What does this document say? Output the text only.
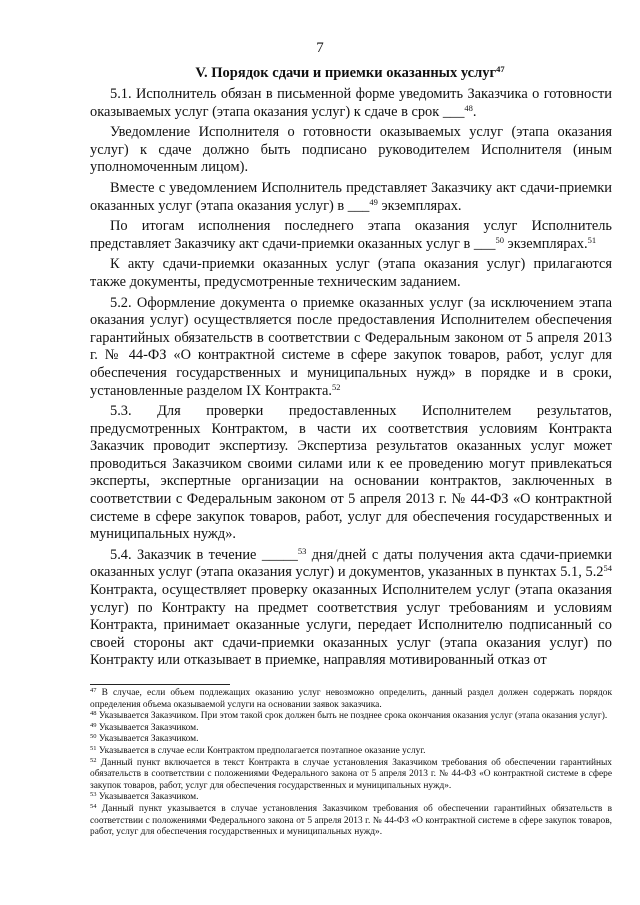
7
V. Порядок сдачи и приемки оказанных услуг$^{47}$

5.1. Исполнитель обязан в письменной форме уведомить Заказчика о готовности оказываемых услуг (этапа оказания услуг) к сдаче в срок ___$^{48}$.

Уведомление Исполнителя о готовности оказываемых услуг (этапа оказания услуг) к сдаче должно быть подписано руководителем Исполнителя (иным уполномоченным лицом).

Вместе с уведомлением Исполнитель представляет Заказчику акт сдачи-приемки оказанных услуг (этапа оказания услуг) в ___$^{49}$ экземплярах.

По итогам исполнения последнего этапа оказания услуг Исполнитель представляет Заказчику акт сдачи-приемки оказанных услуг в ___$^{50}$ экземплярах.$^{51}$

К акту сдачи-приемки оказанных услуг (этапа оказания услуг) прилагаются также документы, предусмотренные техническим заданием.

5.2. Оформление документа о приемке оказанных услуг (за исключением этапа оказания услуг) осуществляется после предоставления Исполнителем обеспечения гарантийных обязательств в соответствии с Федеральным законом от 5 апреля 2013 г. № 44-ФЗ «О контрактной системе в сфере закупок товаров, работ, услуг для обеспечения государственных и муниципальных нужд» в порядке и в сроки, установленные разделом IX Контракта.$^{52}$

5.3. Для проверки предоставленных Исполнителем результатов, предусмотренных Контрактом, в части их соответствия условиям Контракта Заказчик проводит экспертизу. Экспертиза результатов оказанных услуг может проводиться Заказчиком своими силами или к ее проведению могут привлекаться эксперты, экспертные организации на основании контрактов, заключенных в соответствии с Федеральным законом от 5 апреля 2013 г. № 44-ФЗ «О контрактной системе в сфере закупок товаров, работ, услуг для обеспечения государственных и муниципальных нужд».

5.4. Заказчик в течение _____$^{53}$ дня/дней с даты получения акта сдачи-приемки оказанных услуг (этапа оказания услуг) и документов, указанных в пунктах 5.1, $5.2^{54}$ Контракта, осуществляет проверку оказанных Исполнителем услуг (этапа оказания услуг) по Контракту на предмет соответствия услуг требованиям и условиям Контракта, принимает оказанные услуги, передает Исполнителю подписанный со своей стороны акт сдачи-приемки оказанных услуг (этапа оказания услуг) по Контракту или отказывает в приемке, направляя мотивированный отказ от

$^{47}$ В случае, если объем подлежащих оказанию услуг невозможно определить, данный раздел должен содержать порядок определения объема оказываемой услуги на основании заявок заказчика.

$^{48}$ Указывается Заказчиком. При этом такой срок должен быть не позднее срока окончания оказания услуг (этапа оказания услуг).

$^{49}$ Указывается Заказчиком.

$^{50}$ Указывается Заказчиком.

$^{51}$ Указывается в случае если Контрактом предполагается поэтапное оказание услуг.

$^{52}$ Данный пункт включается в текст Контракта в случае установления Заказчиком требования об обеспечении гарантийных обязательств в соответствии с положениями Федерального закона от 5 апреля 2013 г. № 44-ФЗ «О контрактной системе в сфере закупок товаров, работ, услуг для обеспечения государственных и муниципальных нужд».

$^{53}$ Указывается Заказчиком.

$^{54}$ Данный пункт указывается в случае установления Заказчиком требования об обеспечении гарантийных обязательств в соответствии с положениями Федерального закона от 5 апреля 2013 г. № 44-ФЗ «О контрактной системе в сфере закупок товаров, работ, услуг для обеспечения государственных и муниципальных нужд».
